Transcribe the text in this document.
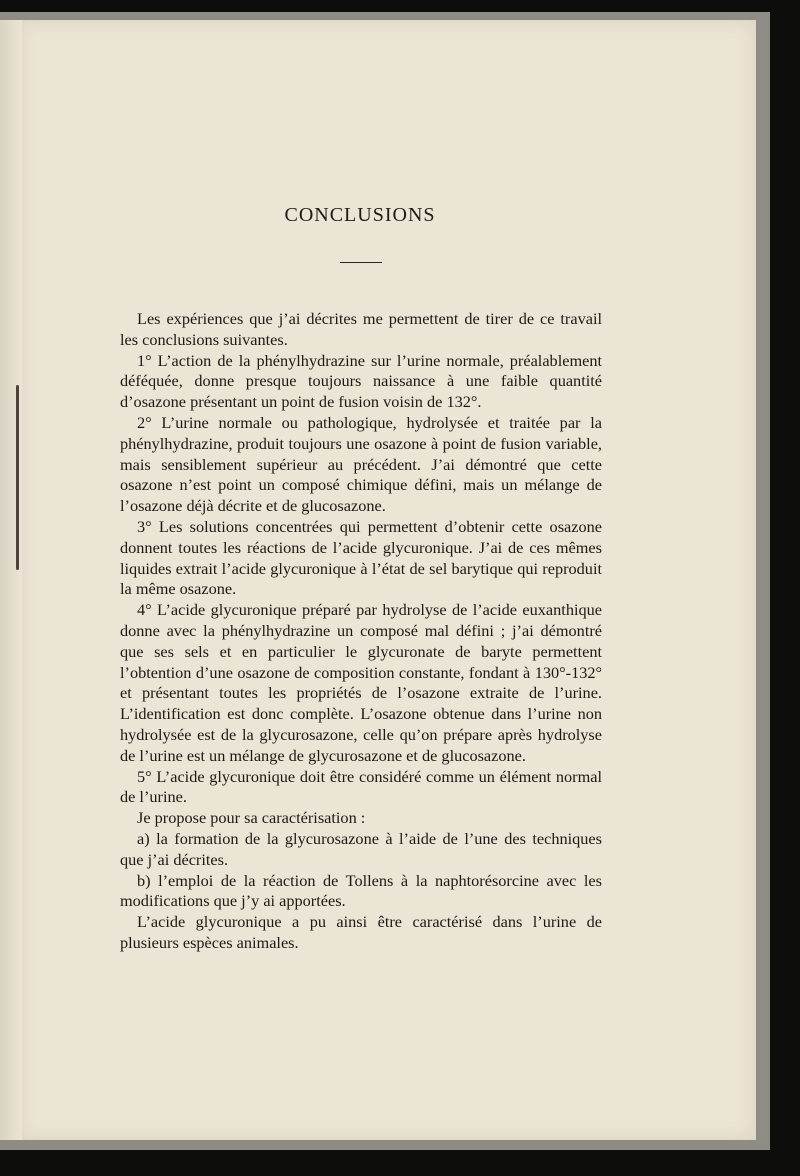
CONCLUSIONS

Les expériences que j’ai décrites me permettent de tirer de ce travail les conclusions suivantes.

1° L’action de la phénylhydrazine sur l’urine normale, préalablement déféquée, donne presque toujours naissance à une faible quantité d’osazone présentant un point de fusion voisin de 132°.

2° L’urine normale ou pathologique, hydrolysée et traitée par la phénylhydrazine, produit toujours une osazone à point de fusion variable, mais sensiblement supérieur au précédent. J’ai démontré que cette osazone n’est point un composé chimique défini, mais un mélange de l’osazone déjà décrite et de glucosazone.

3° Les solutions concentrées qui permettent d’obtenir cette osazone donnent toutes les réactions de l’acide glycuronique. J’ai de ces mêmes liquides extrait l’acide glycuronique à l’état de sel barytique qui reproduit la même osazone.

4° L’acide glycuronique préparé par hydrolyse de l’acide euxanthique donne avec la phénylhydrazine un composé mal défini ; j’ai démontré que ses sels et en particulier le glycuronate de baryte permettent l’obtention d’une osazone de composition constante, fondant à 130°-132° et présentant toutes les propriétés de l’osazone extraite de l’urine. L’identification est donc complète. L’osazone obtenue dans l’urine non hydrolysée est de la glycurosazone, celle qu’on prépare après hydrolyse de l’urine est un mélange de glycurosazone et de glucosazone.

5° L’acide glycuronique doit être considéré comme un élément normal de l’urine.

Je propose pour sa caractérisation :

a) la formation de la glycurosazone à l’aide de l’une des techniques que j’ai décrites.

b) l’emploi de la réaction de Tollens à la naphtorésorcine avec les modifications que j’y ai apportées.

L’acide glycuronique a pu ainsi être caractérisé dans l’urine de plusieurs espèces animales.
